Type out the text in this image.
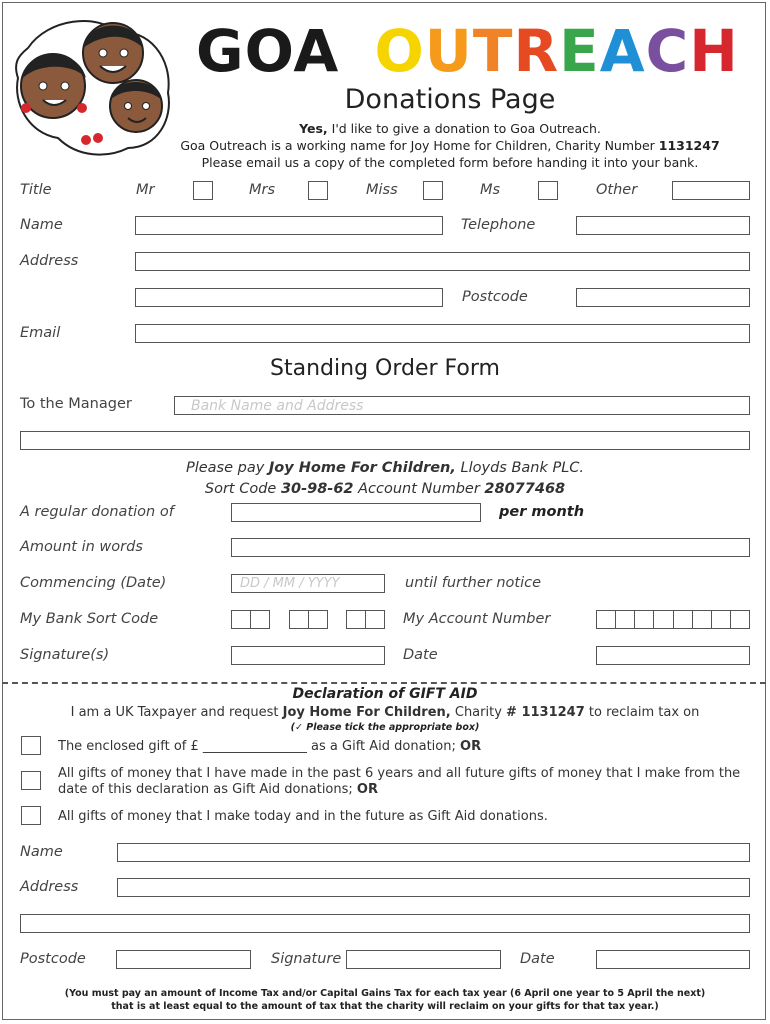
GOA OUTREACH
Donations Page
Yes, I'd like to give a donation to Goa Outreach.
Goa Outreach is a working name for Joy Home for Children, Charity Number 1131247
Please email us a copy of the completed form before handing it into your bank.
Title	Mr	Mrs	Miss	Ms	Other
Name	Telephone
Address
Postcode
Email
Standing Order Form
To the Manager	Bank Name and Address
Please pay Joy Home For Children, Lloyds Bank PLC.
Sort Code 30-98-62 Account Number 28077468
A regular donation of	per month
Amount in words
Commencing (Date)	DD / MM / YYYY	until further notice
My Bank Sort Code	My Account Number
Signature(s)	Date
Declaration of GIFT AID
I am a UK Taxpayer and request Joy Home For Children, Charity # 1131247 to reclaim tax on
(✓ Please tick the appropriate box)
The enclosed gift of £ ________________ as a Gift Aid donation; OR
All gifts of money that I have made in the past 6 years and all future gifts of money that I make from the date of this declaration as Gift Aid donations; OR
All gifts of money that I make today and in the future as Gift Aid donations.
Name
Address
Postcode	Signature	Date
(You must pay an amount of Income Tax and/or Capital Gains Tax for each tax year (6 April one year to 5 April the next)
that is at least equal to the amount of tax that the charity will reclaim on your gifts for that tax year.)
